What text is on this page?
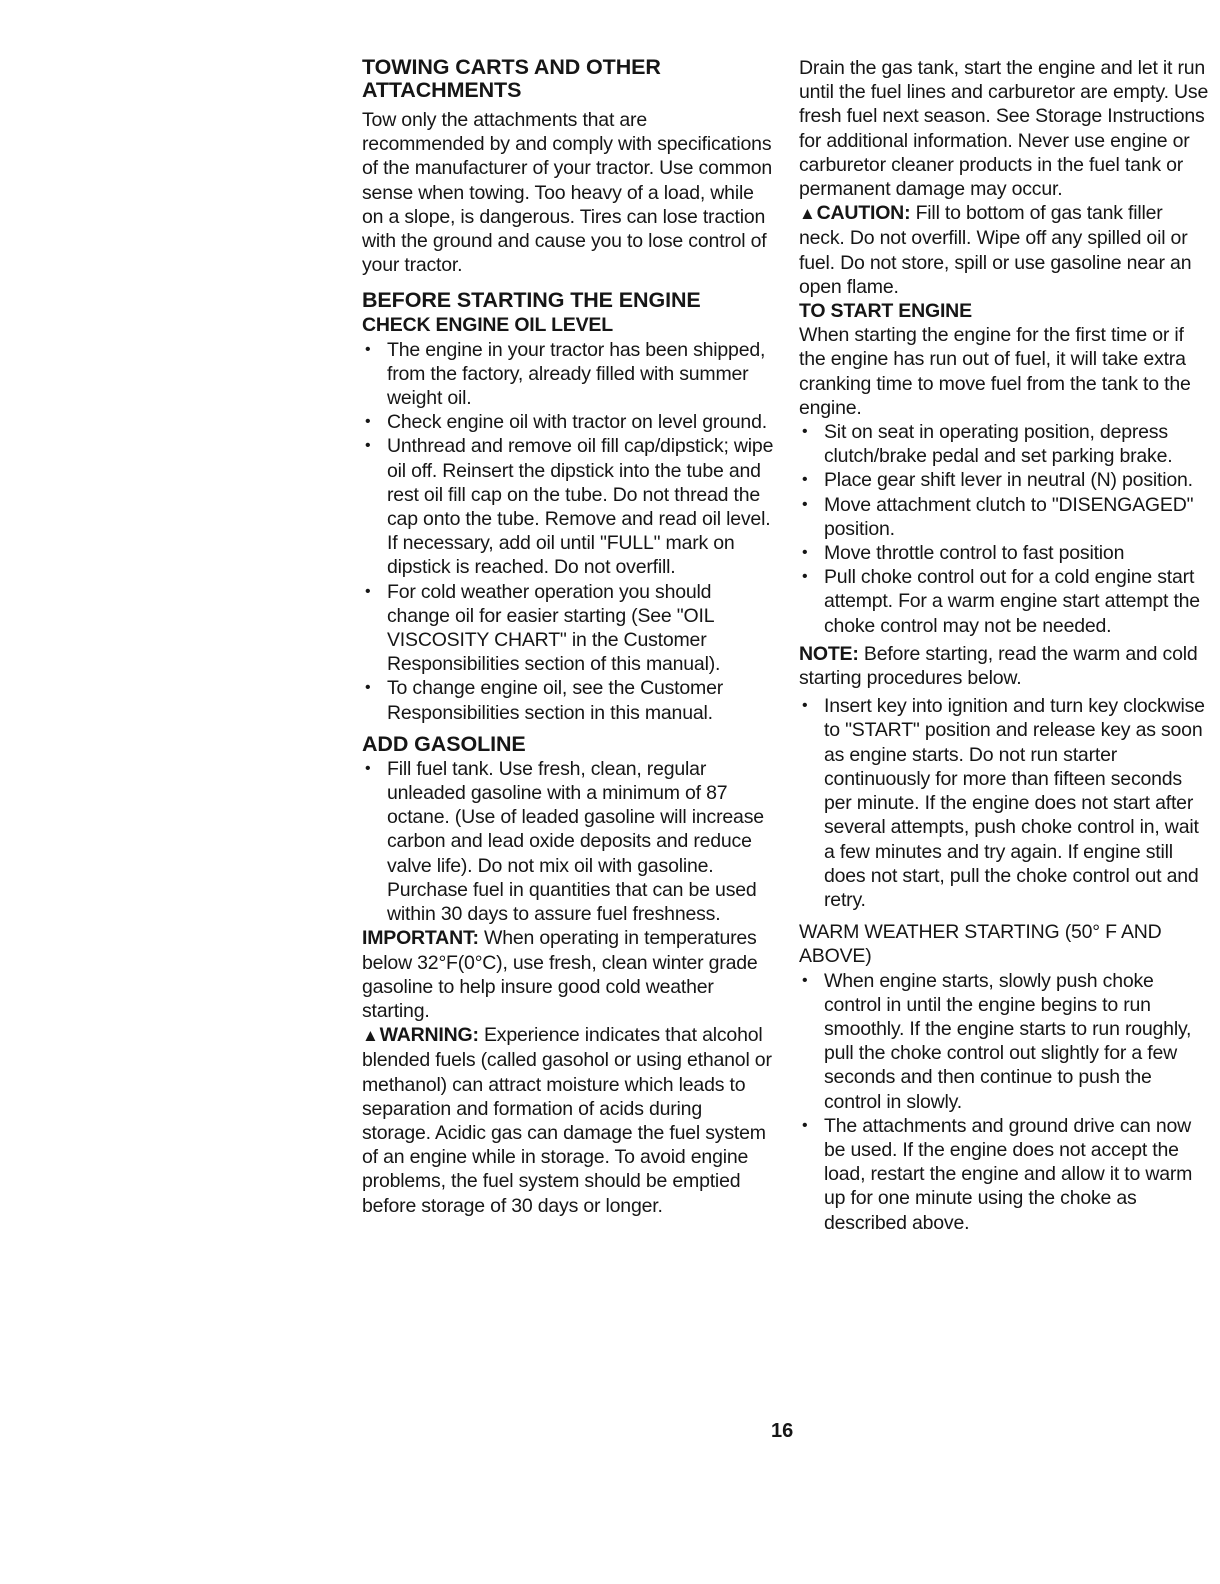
TOWING CARTS AND OTHER
ATTACHMENTS

Tow only the attachments that are recommended by and comply with specifications of the manufacturer of your tractor. Use common sense when towing. Too heavy of a load, while on a slope, is dangerous. Tires can lose traction with the ground and cause you to lose control of your tractor.

BEFORE STARTING THE ENGINE
CHECK ENGINE OIL LEVEL
• The engine in your tractor has been shipped, from the factory, already filled with summer weight oil.
• Check engine oil with tractor on level ground.
• Unthread and remove oil fill cap/dipstick; wipe oil off. Reinsert the dipstick into the tube and rest oil fill cap on the tube. Do not thread the cap onto the tube. Remove and read oil level. If necessary, add oil until "FULL" mark on dipstick is reached. Do not overfill.
• For cold weather operation you should change oil for easier starting (See "OIL VISCOSITY CHART" in the Customer Responsibilities section of this manual).
• To change engine oil, see the Customer Responsibilities section in this manual.
ADD GASOLINE
• Fill fuel tank. Use fresh, clean, regular unleaded gasoline with a minimum of 87 octane. (Use of leaded gasoline will increase carbon and lead oxide deposits and reduce valve life). Do not mix oil with gasoline. Purchase fuel in quantities that can be used within 30 days to assure fuel freshness.

IMPORTANT: When operating in temperatures below 32°F(0°C), use fresh, clean winter grade gasoline to help insure good cold weather starting.

▲WARNING: Experience indicates that alcohol blended fuels (called gasohol or using ethanol or methanol) can attract moisture which leads to separation and formation of acids during storage. Acidic gas can damage the fuel system of an engine while in storage. To avoid engine problems, the fuel system should be emptied before storage of 30 days or longer.

Drain the gas tank, start the engine and let it run until the fuel lines and carburetor are empty. Use fresh fuel next season. See Storage Instructions for additional information. Never use engine or carburetor cleaner products in the fuel tank or permanent damage may occur.

▲CAUTION: Fill to bottom of gas tank filler neck. Do not overfill. Wipe off any spilled oil or fuel. Do not store, spill or use gasoline near an open flame.

TO START ENGINE

When starting the engine for the first time or if the engine has run out of fuel, it will take extra cranking time to move fuel from the tank to the engine.

• Sit on seat in operating position, depress clutch/brake pedal and set parking brake.
• Place gear shift lever in neutral (N) position.
• Move attachment clutch to "DISENGAGED" position.
• Move throttle control to fast position
• Pull choke control out for a cold engine start attempt. For a warm engine start attempt the choke control may not be needed.

NOTE: Before starting, read the warm and cold starting procedures below.

• Insert key into ignition and turn key clockwise to "START" position and release key as soon as engine starts. Do not run starter continuously for more than fifteen seconds per minute. If the engine does not start after several attempts, push choke control in, wait a few minutes and try again. If engine still does not start, pull the choke control out and retry.

WARM WEATHER STARTING (50° F AND ABOVE)

• When engine starts, slowly push choke control in until the engine begins to run smoothly. If the engine starts to run roughly, pull the choke control out slightly for a few seconds and then continue to push the control in slowly.
• The attachments and ground drive can now be used. If the engine does not accept the load, restart the engine and allow it to warm up for one minute using the choke as described above.
16
